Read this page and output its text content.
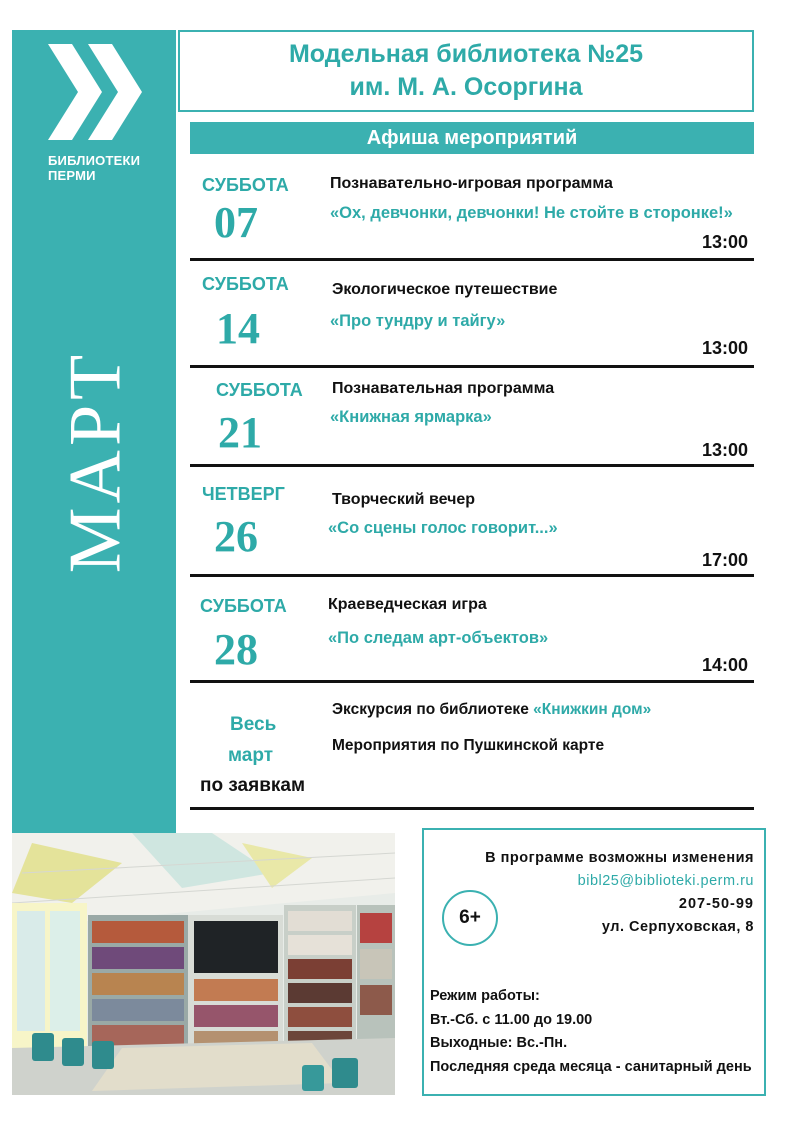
БИБЛИОТЕКИ
ПЕРМИ
МАРТ
Модельная библиотека №25
им. М. А. Осоргина
Афиша мероприятий
СУББОТА
07
Познавательно-игровая программа
«Ох, девчонки, девчонки! Не стойте в сторонке!»
13:00
СУББОТА
14
Экологическое путешествие
«Про тундру и тайгу»
13:00
СУББОТА
21
Познавательная программа
«Книжная ярмарка»
13:00
ЧЕТВЕРГ
26
Творческий вечер
«Со сцены голос говорит...»
17:00
СУББОТА
28
Краеведческая игра
«По следам арт-объектов»
14:00
Весь
март
по заявкам
Экскурсия по библиотеке «Книжкин дом»
Мероприятия по Пушкинской карте
В программе возможны изменения
bibl25@biblioteki.perm.ru
207-50-99
ул. Серпуховская, 8
6+
Режим работы:
Вт.-Сб. с 11.00 до 19.00
Выходные: Вс.-Пн.
Последняя среда месяца - санитарный день
